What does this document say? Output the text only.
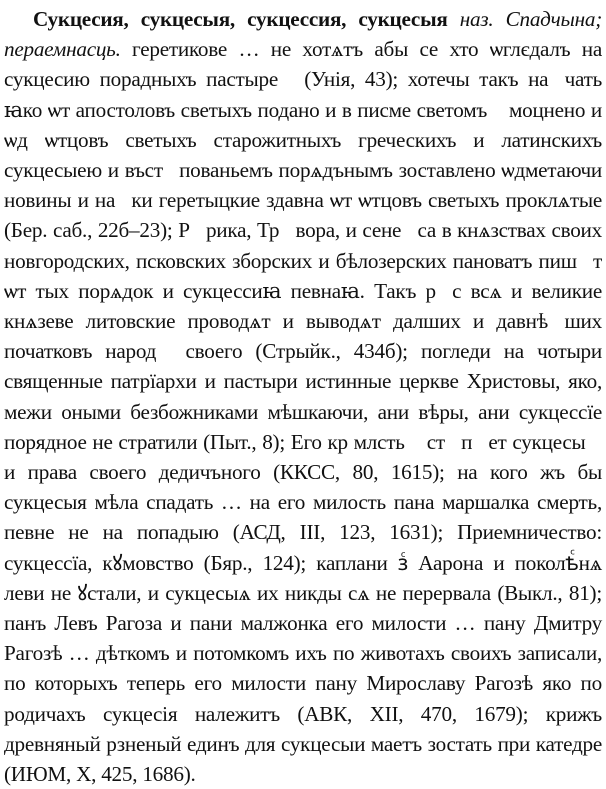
Сукцесия, сукцесыя, сукцессия, сукцесыя наз. Спадчына; пераемнасць. геретикове … не хотѧтъ абы се хто ѡглєдалъ на сукцесию порадныхъ пастыреⷭ (Унія, 43); хотечы такъ наꙋчать ꙗко ѡт апостоловъ светыхъ подано и в писме светомъ ꙋмоцнено и ѡд ѡтцовъ светыхъ старожитныхъ греческихъ и латинскихъ сукцесыею и въстꙋпованьемъ порѧдънымъ зоставлено ѡдметаючи новины и наꙋки геретыцкие здавна ѡт ѡтцовъ светыхъ проклѧтые (Бер. саб., 22б–23); Рꙋрика, Трꙋвора, и сенеꙋса в кнѧзствах своих новгородских, псковских зборских и бѣлозерских пановатъ пишꙋт ѡт тых порѧдок и сукцессиꙗ певнаꙗ. Такъ рꙋс всѧ и великие кнѧзеве литовские проводѧт и выводѧт далших и давнѣⷭших початковъ народꙋ своего (Стрыйк., 434б); погледи на чотыри священные патрїархи и пастыри истинные церкве Христовы, яко, межи оными безбожниками мѣшкаючи, ани вѣры, ани сукцессїе порядное не стратили (Пыт., 8); Его кр млсть ꙋстꙋпꙋет сукцесыⷭ и права своего дедичъного (ККСС, 80, 1615); на кого жъ бы сукцесыя мѣла спадать … на его милость пана маршалка смерть, певне не на попадыю (АСД, III, 123, 1631); Приемничество: сукцессїа, кꙋмовство (Бяр., 124); каплани зⷭ Аарона и поколѣⷭнѧ леви не ꙋстали, и сукцесыѧ их никды сѧ не перервала (Выкл., 81); панъ Левъ Рагоза и пани малжонка его милости … пану Дмитру Рагозѣ … дѣткомъ и потомкомъ ихъ по животахъ своихъ записали, по которыхъ теперь его милости пану Мирославу Рагозѣ яко по родичахъ сукцесія належитъ (АВК, XII, 470, 1679); крижъ древняный рзненый единъ для сукцесыи маетъ зостать при катедре (ИЮМ, X, 425, 1686).
